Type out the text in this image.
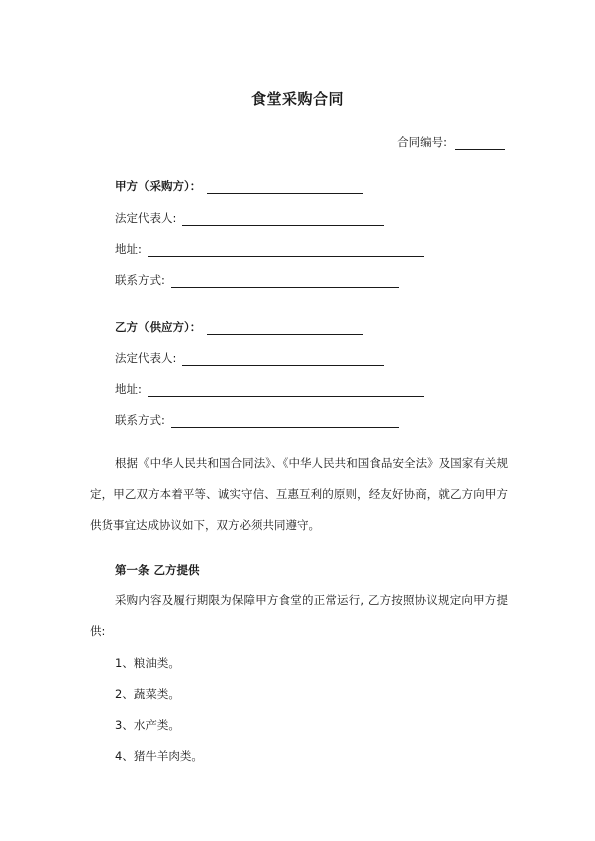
食堂采购合同
合同编号:
甲方（采购方）：
法定代表人:
地址:
联系方式:
乙方（供应方）：
法定代表人:
地址:
联系方式:

根据《中华人民共和国合同法》、《中华人民共和国食品安全法》及国家有关规定，甲乙双方本着平等、诚实守信、互惠互利的原则，经友好协商，就乙方向甲方供货事宜达成协议如下，双方必须共同遵守。

第一条 乙方提供

采购内容及履行期限为保障甲方食堂的正常运行, 乙方按照协议规定向甲方提供:

1、粮油类。
2、蔬菜类。
3、水产类。
4、猪牛羊肉类。
